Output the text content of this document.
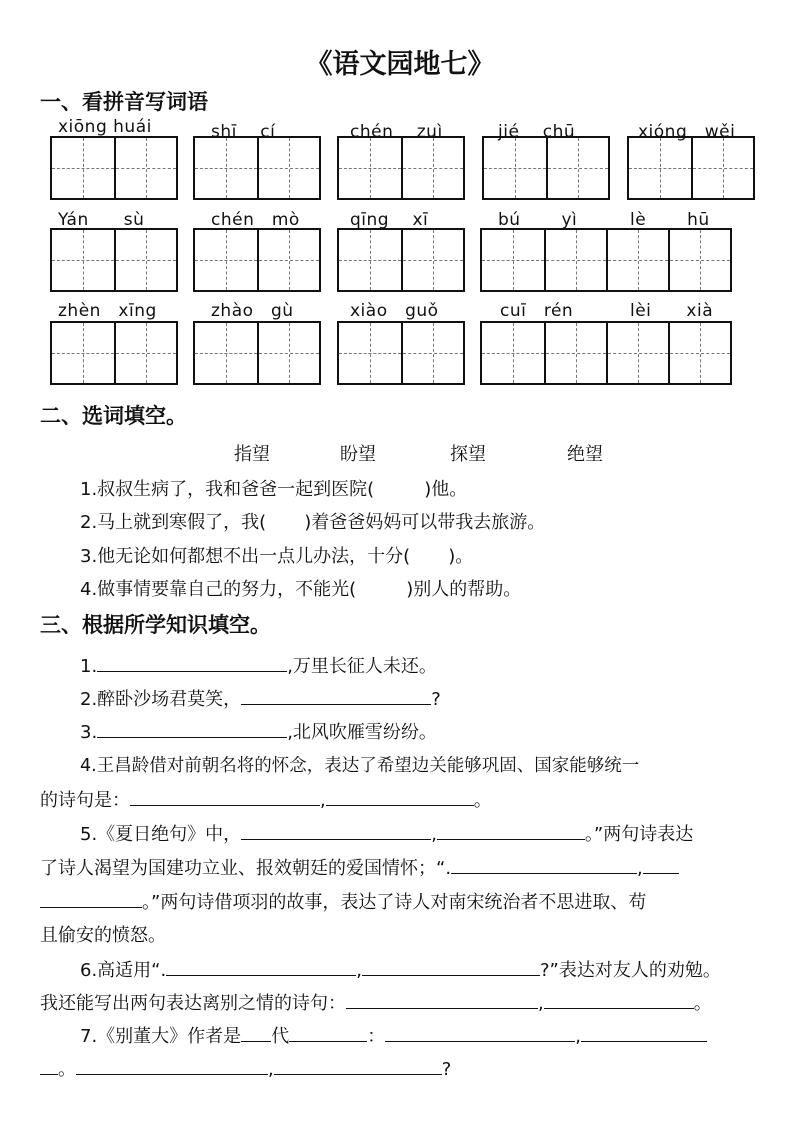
《语文园地七》
一、看拼音写词语
xiōng huái	shī　 cí	chén　 zuì	jié　 chū	xióng　wěi
Yán　　sù	chén　mò	qīng　 xī	bú　　 yì	lè　　 hū
zhèn　xīng	zhào　gù	xiào　guǒ	cuī　rén	lèi　　xià
二、选词填空。
指望	盼望	探望	绝望
1.叔叔生病了，我和爸爸一起到医院(	)他。
2.马上就到寒假了，我( )着爸爸妈妈可以带我去旅游。
3.他无论如何都想不出一点儿办法，十分( )。
4.做事情要靠自己的努力，不能光(	)别人的帮助。
三、根据所学知识填空。
1.	,万里长征人未还。
2.醉卧沙场君莫笑，	?
3.	,北风吹雁雪纷纷。
4.王昌龄借对前朝名将的怀念，表达了希望边关能够巩固、国家能够统一
的诗句是：	,	。
5.《夏日绝句》中，	,	。”两句诗表达
了诗人渴望为国建功立业、报效朝廷的爱国情怀；“.	,
。”两句诗借项羽的故事，表达了诗人对南宋统治者不思进取、苟
且偷安的愤怒。
6.高适用“.	,	?”表达对友人的劝勉。
我还能写出两句表达离别之情的诗句：	,	。
7.《别董大》作者是 代	：	,
。	,	?
